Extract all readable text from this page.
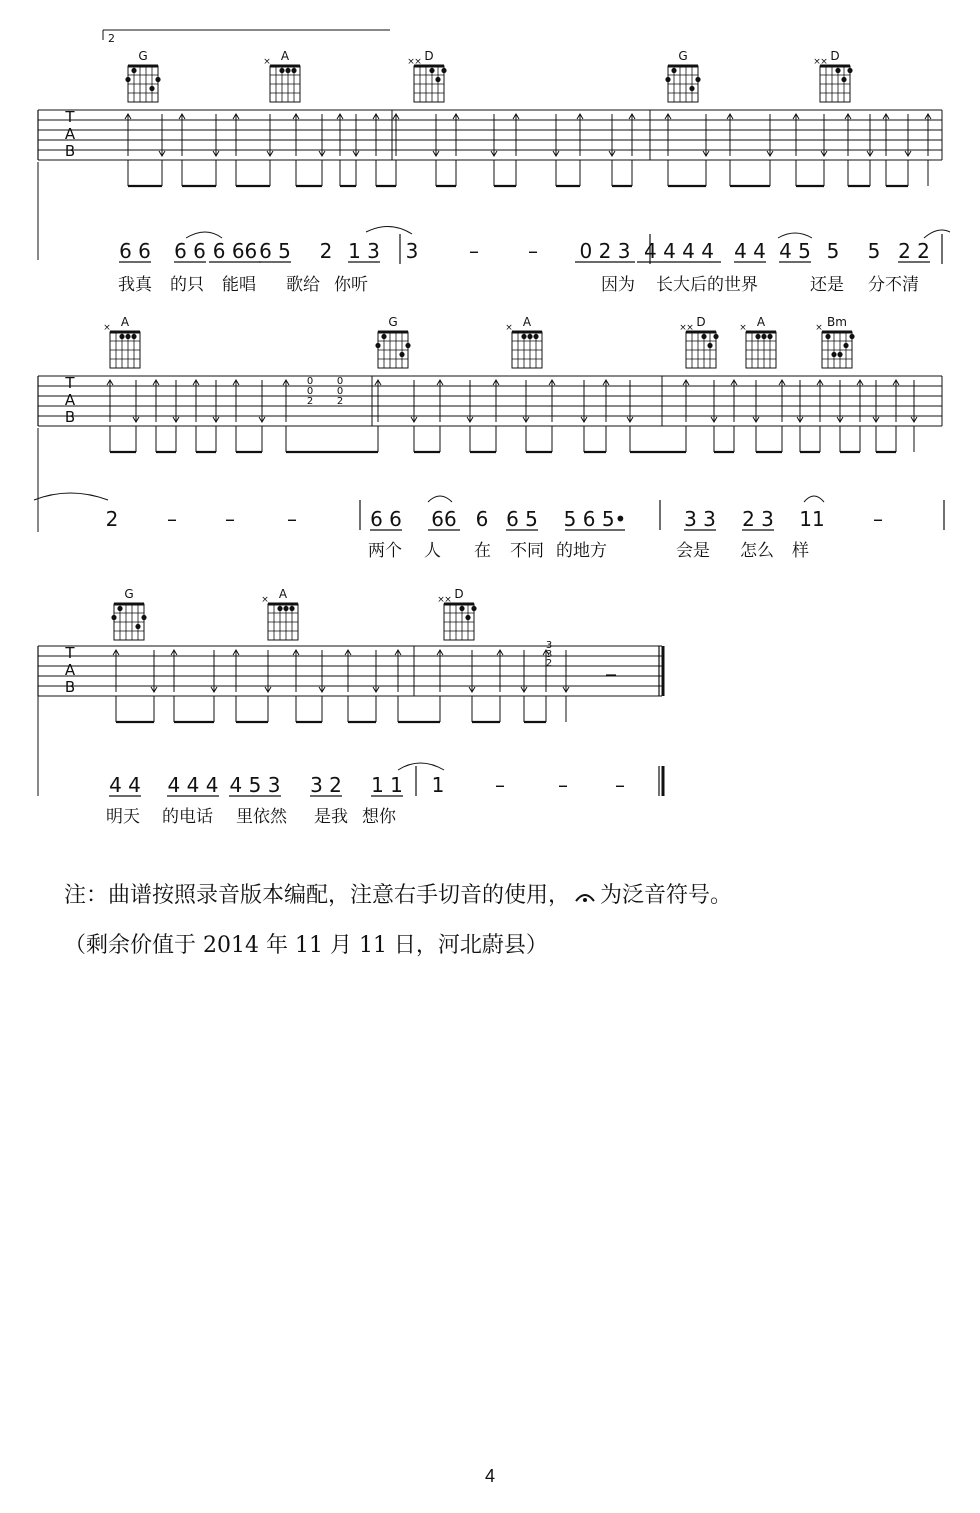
2
G	A
×	D
× ×	G	D
× ×
T
A
B
6 6 6 6 6 66 6 5 2 1 3 3	– – 0 2 3 4 4 4 4 4 4 4 5 5 5 2 2
我真 的只 能唱 歌给 你听	因为 长大后的世界	还是 分不清
A
×	G	A
×	D
× ×	A
×	Bm
×
T
A
B
0
0
2
0
0
2
2 – –	–	6 6 66 6 6 5 5 6 5•	3 3 2 3 11 –
两个 人 在 不同 的地方	会是 怎么 样
G	A
×	D
× ×
T
A
B
3
3
2
4 4 4 4 4 4 5 3 3 2 1 1 1	–	– –
明天 的电话 里依然 是我 想你
注：曲谱按照录音版本编配，注意右手切音的使用， 为泛音符号。
（剩余价值于 2014 年 11 月 11 日，河北蔚县）
4
